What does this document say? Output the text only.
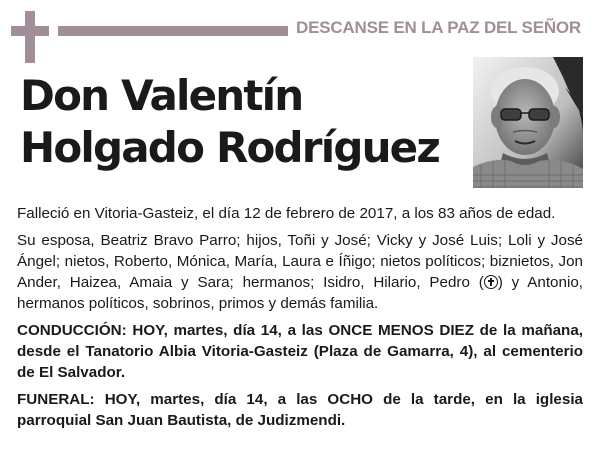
DESCANSE EN LA PAZ DEL SEÑOR
Don Valentín
Holgado Rodríguez

Falleció en Vitoria-Gasteiz, el día 12 de febrero de 2017, a los 83 años de edad.

Su esposa, Beatriz Bravo Parro; hijos, Toñi y José; Vicky y José Luis; Loli y José Ángel; nietos, Roberto, Mónica, María, Laura e Íñigo; nietos políticos; biznietos, Jon Ander, Haizea, Amaia y Sara; hermanos; Isidro, Hilario, Pedro ( ) y Antonio, hermanos políticos, sobrinos, primos y demás familia.

CONDUCCIÓN: HOY, martes, día 14, a las ONCE MENOS DIEZ de la mañana, desde el Tanatorio Albia Vitoria-Gasteiz (Plaza de Gamarra, 4), al cementerio de El Salvador.

FUNERAL: HOY, martes, día 14, a las OCHO de la tarde, en la iglesia parroquial San Juan Bautista, de Judizmendi.
